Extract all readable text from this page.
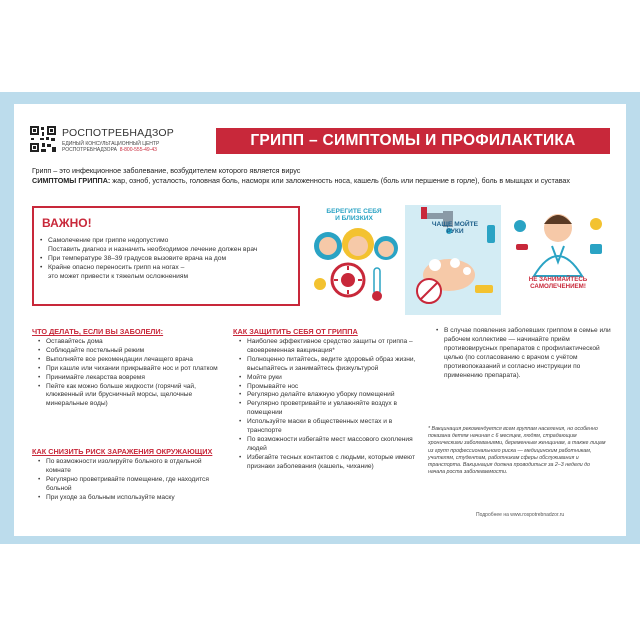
РОСПОТРЕБНАДЗОР
ЕДИНЫЙ КОНСУЛЬТАЦИОННЫЙ ЦЕНТР
РОСПОТРЕБНАДЗОРА 8-800-555-49-43
ГРИПП – СИМПТОМЫ И ПРОФИЛАКТИКА
Грипп – это инфекционное заболевание, возбудителем которого является вирус
СИМПТОМЫ ГРИППА: жар, озноб, усталость, головная боль, насморк или заложенность носа, кашель (боль или першение в горле), боль в мышцах и суставах
ВАЖНО!
• Самолечение при гриппе недопустимо
Поставить диагноз и назначить необходимое лечение должен врач
• При температуре 38–39 градусов вызовите врача на дом
• Крайне опасно переносить грипп на ногах –
это может привести к тяжелым осложнениям
БЕРЕГИТЕ СЕБЯ
И БЛИЗКИХ
ЧАЩЕ МОЙТЕ
РУКИ
НЕ ЗАНИМАЙТЕСЬ
САМОЛЕЧЕНИЕМ!
ЧТО ДЕЛАТЬ, ЕСЛИ ВЫ ЗАБОЛЕЛИ:
• Оставайтесь дома
• Соблюдайте постельный режим
• Выполняйте все рекомендации лечащего врача
• При кашле или чихании прикрывайте нос и рот платком
• Принимайте лекарства вовремя
• Пейте как можно больше жидкости (горячий чай, клюквенный или брусничный морсы, щелочные минеральные воды)
КАК СНИЗИТЬ РИСК ЗАРАЖЕНИЯ ОКРУЖАЮЩИХ
• По возможности изолируйте больного в отдельной комнате
• Регулярно проветривайте помещение, где находится больной
• При уходе за больным используйте маску
КАК ЗАЩИТИТЬ СЕБЯ ОТ ГРИППА
• Наиболее эффективное средство защиты от гриппа – своевременная вакцинация*
• Полноценно питайтесь, ведите здоровый образ жизни, высыпайтесь и занимайтесь физкультурой
• Мойте руки
• Промывайте нос
• Регулярно делайте влажную уборку помещений
• Регулярно проветривайте и увлажняйте воздух в помещении
• Используйте маски в общественных местах и в транспорте
• По возможности избегайте мест массового скопления людей
• Избегайте тесных контактов с людьми, которые имеют признаки заболевания (кашель, чихание)
• В случае появления заболевших гриппом в семье или рабочем коллективе — начинайте приём противовирусных препаратов с профилактической целью (по согласованию с врачом с учётом противопоказаний и согласно инструкции по применению препарата).
* Вакцинация рекомендуется всем группам населения, но особенно показана детям начиная с 6 месяцев, людям, страдающим хроническими заболеваниями, беременным женщинам, а также лицам из групп профессионального риска — медицинским работникам, учителям, студентам, работникам сферы обслуживания и транспорта. Вакцинация должна проводиться за 2–3 недели до начала роста заболеваемости.
Подробнее на www.rospotrebnadzor.ru
